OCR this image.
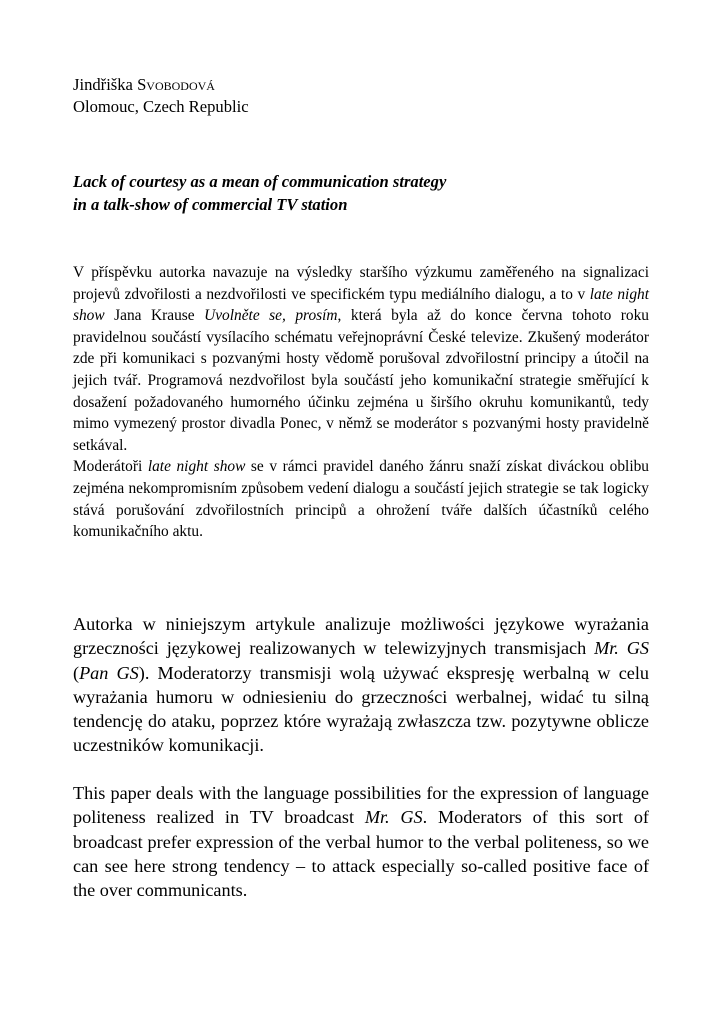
Jindřiška Svobodová
Olomouc, Czech Republic
Lack of courtesy as a mean of communication strategy
in a talk-show of commercial TV station

V příspěvku autorka navazuje na výsledky staršího výzkumu zaměřeného na signalizaci projevů zdvořilosti a nezdvořilosti ve specifickém typu mediálního dialogu, a to v late night show Jana Krause Uvolněte se, prosím, která byla až do konce června tohoto roku pravidelnou součástí vysílacího schématu veřejnoprávní České televize. Zkušený moderátor zde při komunikaci s pozvanými hosty vědomě porušoval zdvořilostní principy a útočil na jejich tvář. Programová nezdvořilost byla součástí jeho komunikační strategie směřující k dosažení požadovaného humorného účinku zejména u širšího okruhu komunikantů, tedy mimo vymezený prostor divadla Ponec, v němž se moderátor s pozvanými hosty pravidelně setkával.

Moderátoři late night show se v rámci pravidel daného žánru snaží získat diváckou oblibu zejména nekompromisním způsobem vedení dialogu a součástí jejich strategie se tak logicky stává porušování zdvořilostních principů a ohrožení tváře dalších účastníků celého komunikačního aktu.

Autorka w niniejszym artykule analizuje możliwości językowe wyrażania grzeczności językowej realizowanych w telewizyjnych transmisjach Mr. GS (Pan GS). Moderatorzy transmisji wolą używać ekspresję werbalną w celu wyrażania humoru w odniesieniu do grzeczności werbalnej, widać tu silną tendencję do ataku, poprzez które wyrażają zwłaszcza tzw. pozytywne oblicze uczestników komunikacji.

This paper deals with the language possibilities for the expression of language politeness realized in TV broadcast Mr. GS. Moderators of this sort of broadcast prefer expression of the verbal humor to the verbal politeness, so we can see here strong tendency – to attack especially so-called positive face of the over communicants.
